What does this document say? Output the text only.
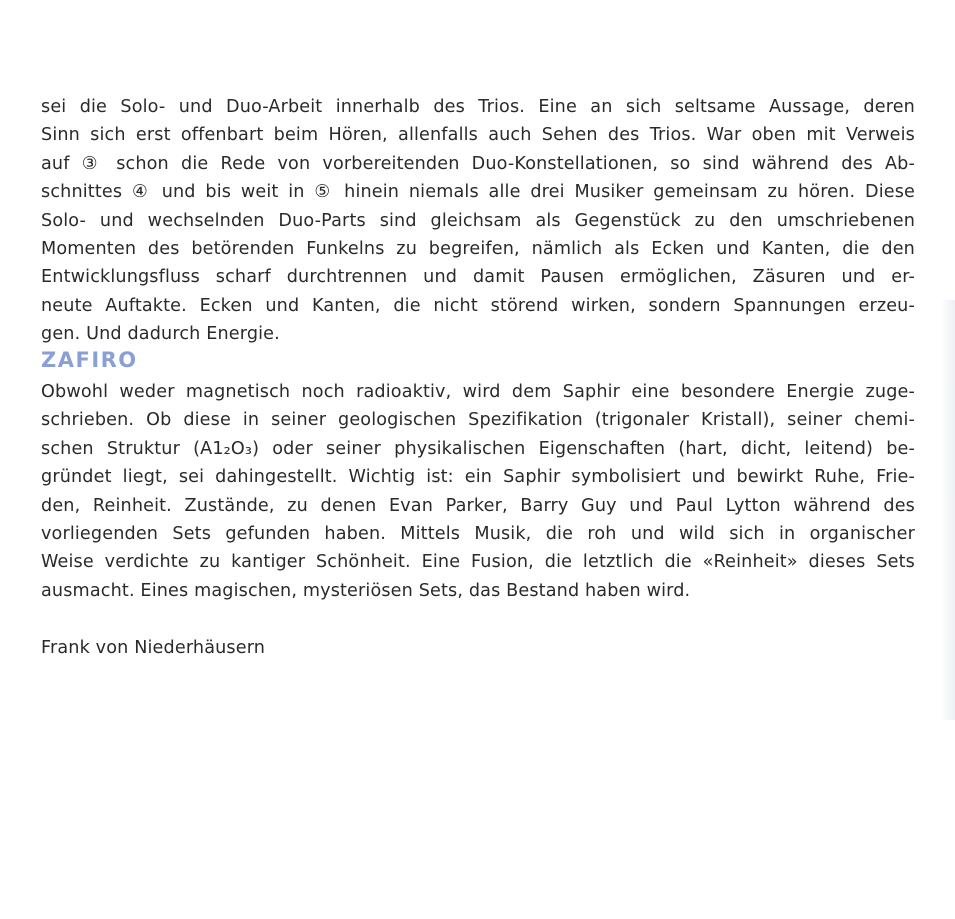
sei die Solo- und Duo-Arbeit innerhalb des Trios. Eine an sich seltsame Aussage, deren
Sinn sich erst offenbart beim Hören, allenfalls auch Sehen des Trios. War oben mit Verweis
auf ③ schon die Rede von vorbereitenden Duo-Konstellationen, so sind während des Ab-
schnittes ④ und bis weit in ⑤ hinein niemals alle drei Musiker gemeinsam zu hören. Diese
Solo- und wechselnden Duo-Parts sind gleichsam als Gegenstück zu den umschriebenen
Momenten des betörenden Funkelns zu begreifen, nämlich als Ecken und Kanten, die den
Entwicklungsfluss scharf durchtrennen und damit Pausen ermöglichen, Zäsuren und er-
neute Auftakte. Ecken und Kanten, die nicht störend wirken, sondern Spannungen erzeu-
gen. Und dadurch Energie.
ZAFIRO
Obwohl weder magnetisch noch radioaktiv, wird dem Saphir eine besondere Energie zuge-
schrieben. Ob diese in seiner geologischen Spezifikation (trigonaler Kristall), seiner chemi-
schen Struktur (A1₂O₃) oder seiner physikalischen Eigenschaften (hart, dicht, leitend) be-
gründet liegt, sei dahingestellt. Wichtig ist: ein Saphir symbolisiert und bewirkt Ruhe, Frie-
den, Reinheit. Zustände, zu denen Evan Parker, Barry Guy und Paul Lytton während des
vorliegenden Sets gefunden haben. Mittels Musik, die roh und wild sich in organischer
Weise verdichte zu kantiger Schönheit. Eine Fusion, die letztlich die «Reinheit» dieses Sets
ausmacht. Eines magischen, mysteriösen Sets, das Bestand haben wird.
Frank von Niederhäusern
